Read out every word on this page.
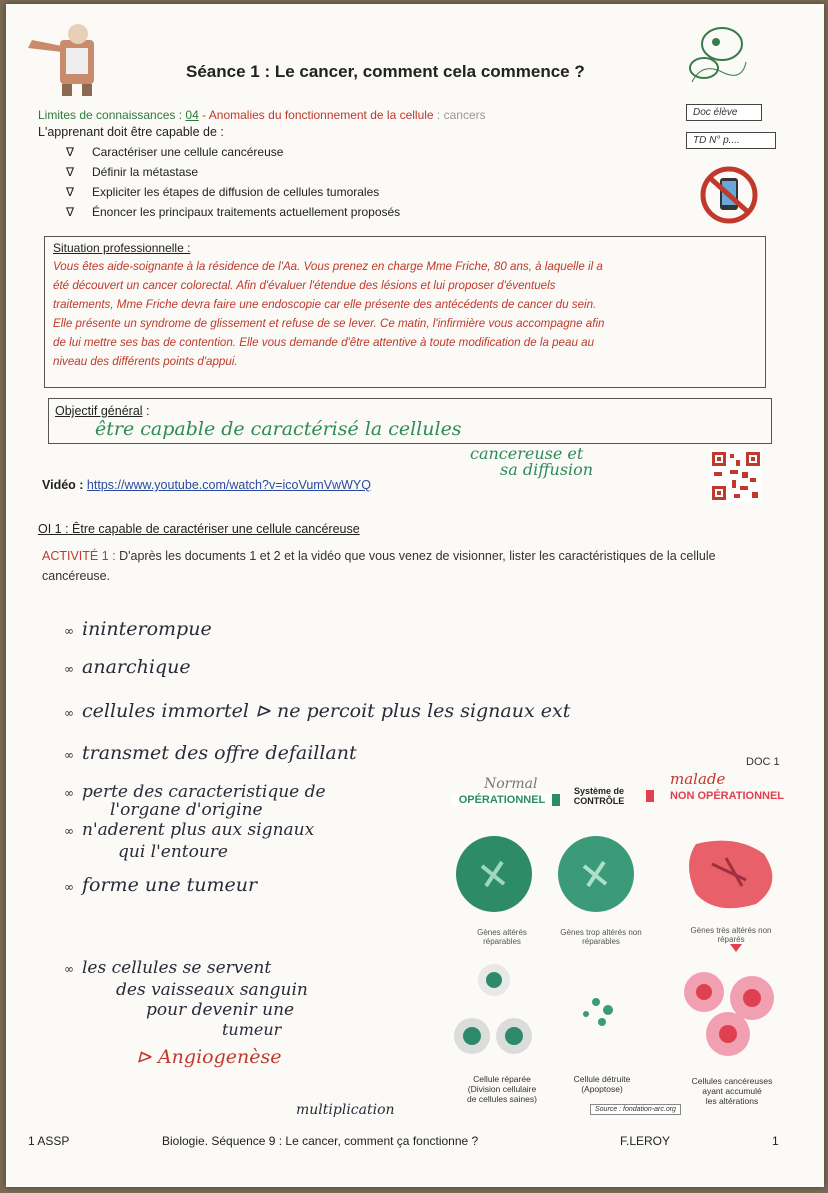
Séance 1 : Le cancer, comment cela commence ?
Doc élève
TD N° p....
Limites de connaissances : 04 - Anomalies du fonctionnement de la cellule : cancers
L'apprenant doit être capable de :
∇ Caractériser une cellule cancéreuse
∇ Définir la métastase
∇ Expliciter les étapes de diffusion de cellules tumorales
∇ Énoncer les principaux traitements actuellement proposés
Situation professionnelle :
Vous êtes aide-soignante à la résidence de l'Aa. Vous prenez en charge Mme Friche, 80 ans, à laquelle il a
été découvert un cancer colorectal. Afin d'évaluer l'étendue des lésions et lui proposer d'éventuels
traitements, Mme Friche devra faire une endoscopie car elle présente des antécédents de cancer du sein.
Elle présente un syndrome de glissement et refuse de se lever. Ce matin, l'infirmière vous accompagne afin
de lui mettre ses bas de contention. Elle vous demande d'être attentive à toute modification de la peau au
niveau des différents points d'appui.
Objectif général :
être capable de caractérisé la cellules
cancereuse et
sa diffusion
Vidéo : https://www.youtube.com/watch?v=icoVumVwWYQ
OI 1 : Être capable de caractériser une cellule cancéreuse
ACTIVITÉ 1 : D'après les documents 1 et 2 et la vidéo que vous venez de visionner, lister les caractéristiques de la cellule cancéreuse.
∞ ininterompue
∞ anarchique
∞ cellules immortel ⊳ ne percoit plus les signaux ext
∞ transmet des offre defaillant
∞ perte des caracteristique de
l'organe d'origine
∞ n'aderent plus aux signaux
qui l'entoure
∞ forme une tumeur
∞ les cellules se servent
des vaisseaux sanguin
pour devenir une
tumeur
⊳ Angiogenèse
Normal	malade
multiplication
DOC 1
OPÉRATIONNEL
Système de
CONTRÔLE	NON OPÉRATIONNEL
Gènes altérés réparables
Gènes trop altérés non réparables
Gènes très altérés non réparés
Cellule réparée
(Division cellulaire
de cellules saines)
Cellule détruite
(Apoptose)
Cellules cancéreuses
ayant accumulé
les altérations
Source : fondation-arc.org
1 ASSP	Biologie. Séquence 9 : Le cancer, comment ça fonctionne ?	F.LEROY	1
